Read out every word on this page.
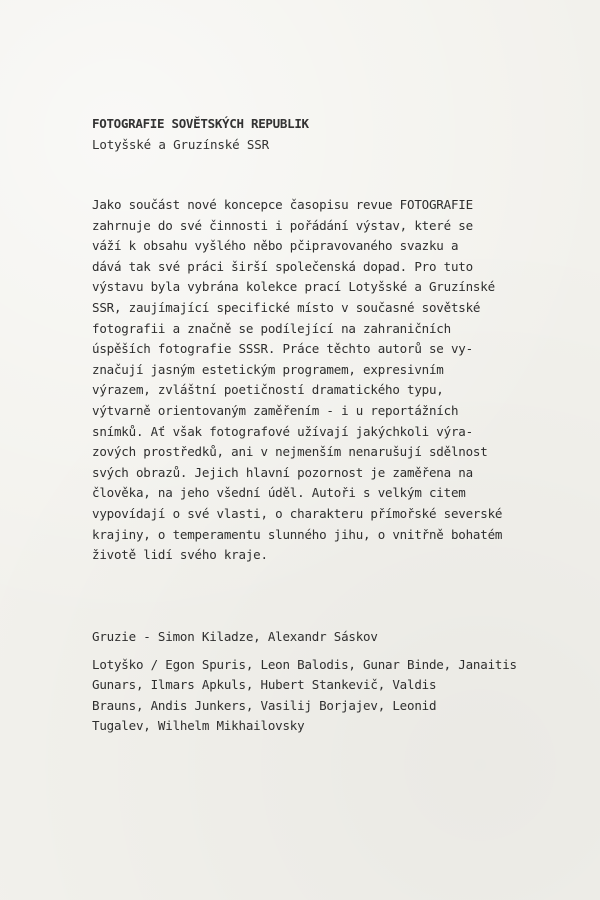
FOTOGRAFIE SOVĚTSKÝCH REPUBLIK
Lotyšské a Gruzínské SSR
Jako součást nové koncepce časopisu revue FOTOGRAFIE
zahrnuje do své činnosti i pořádání výstav, které se
váží k obsahu vyšlého něbo pčipravovaného svazku a
dává tak své práci širší společenská dopad. Pro tuto
výstavu byla vybrána kolekce prací Lotyšské a Gruzínské
SSR, zaujímající specifické místo v současné sovětské
fotografii a značně se podílející na zahraničních
úspěších fotografie SSSR. Práce těchto autorů se vy-
značují jasným estetickým programem, expresivním
výrazem, zvláštní poetičností dramatického typu,
výtvarně orientovaným zaměřením - i u reportážních
snímků. Ať však fotografové užívají jakýchkoli výra-
zových prostředků, ani v nejmenším nenarušují sdělnost
svých obrazů. Jejich hlavní pozornost je zaměřena na
člověka, na jeho všední úděl. Autoři s velkým citem
vypovídají o své vlasti, o charakteru přímořské severské
krajiny, o temperamentu slunného jihu, o vnitřně bohatém
životě lidí svého kraje.
Gruzie - Simon Kiladze, Alexandr Sáskov
Lotyško / Egon Spuris, Leon Balodis, Gunar Binde, Janaitis
Gunars, Ilmars Apkuls, Hubert Stankevič, Valdis
Brauns, Andis Junkers, Vasilij Borjajev, Leonid
Tugalev, Wilhelm Mikhailovsky
